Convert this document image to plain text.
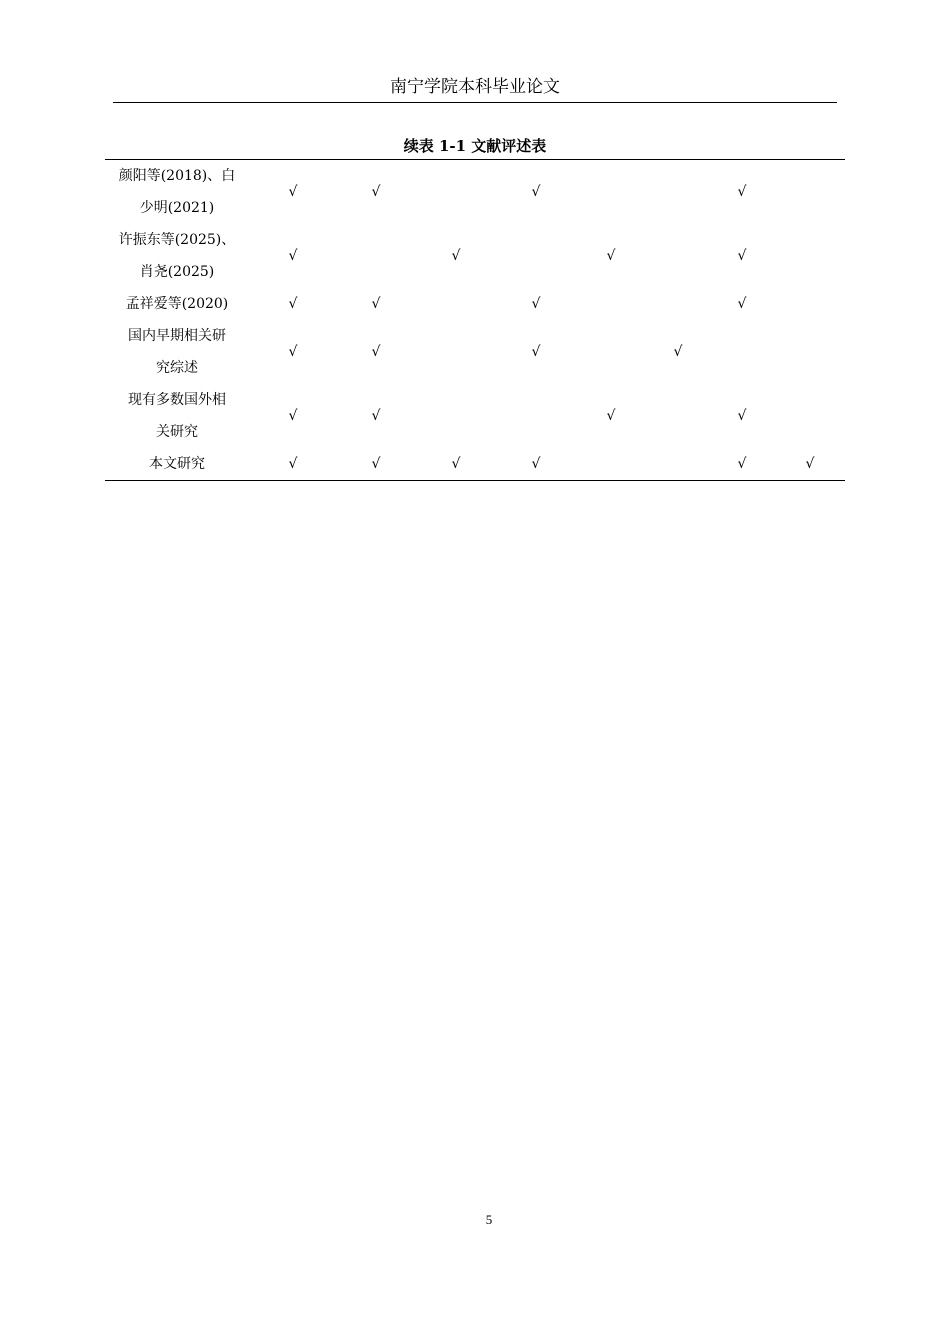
南宁学院本科毕业论文
续表 1-1 文献评述表
颜阳等(2018)、白
少明(2021)	√	√		√			√	
许振东等(2025)、
肖尧(2025)	√		√		√		√	
孟祥爱等(2020)	√	√		√			√	
国内早期相关研
究综述	√	√		√		√		
现有多数国外相
关研究	√	√			√		√	
本文研究	√	√	√	√			√	√
5
